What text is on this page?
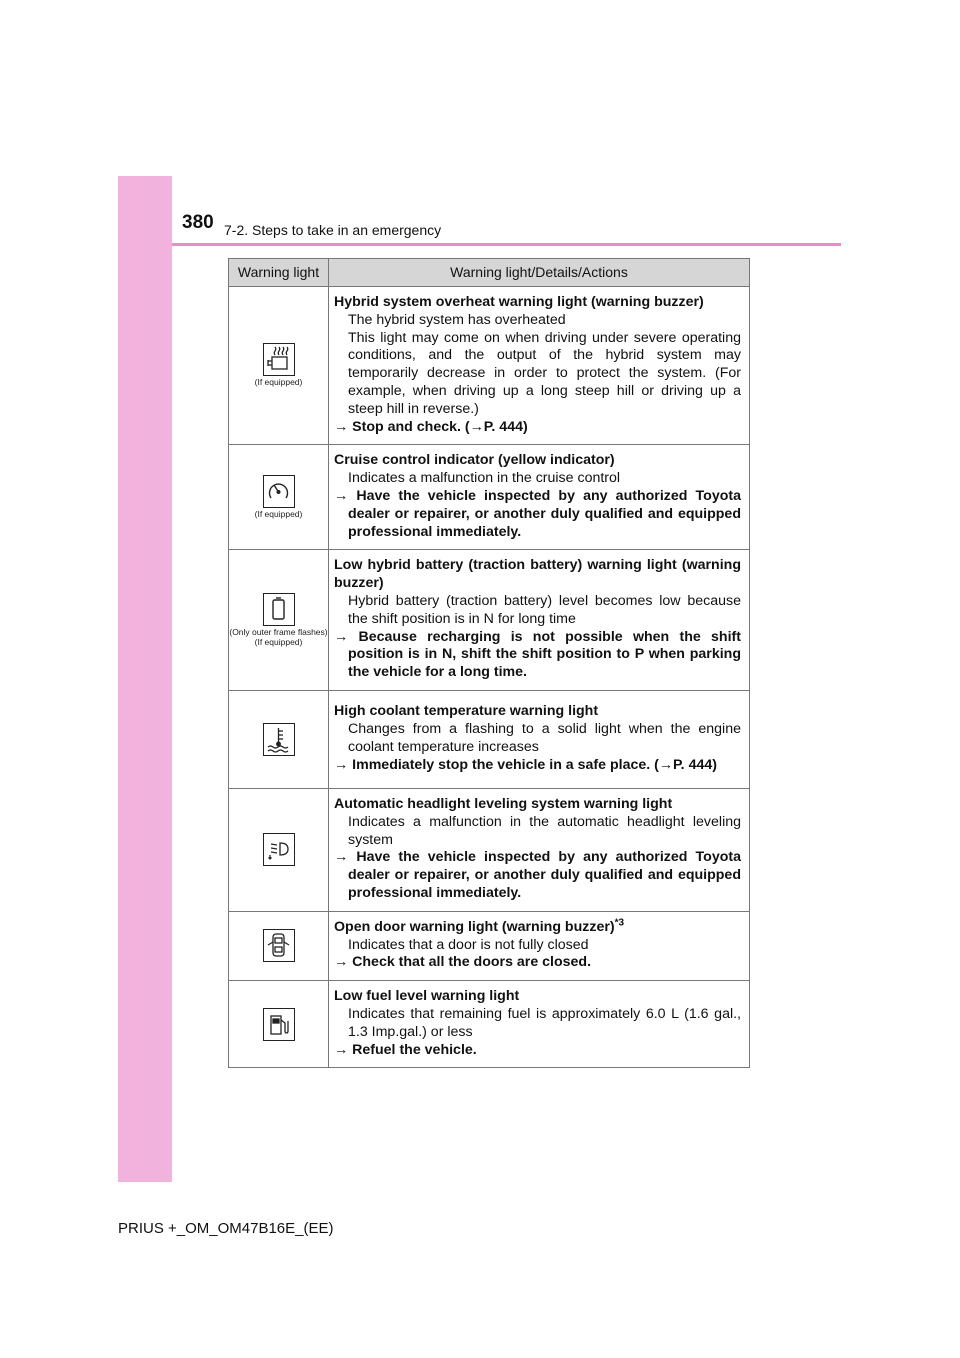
380 7-2. Steps to take in an emergency
Warning light	Warning light/Details/Actions

(If equipped)	Hybrid system overheat warning light (warning buzzer)
The hybrid system has overheated
This light may come on when driving under severe operating conditions, and the output of the hybrid system may temporarily decrease in order to protect the system. (For example, when driving up a long steep hill or driving up a steep hill in reverse.)
→ Stop and check. (→P. 444)

(If equipped)	Cruise control indicator (yellow indicator)
Indicates a malfunction in the cruise control
→ Have the vehicle inspected by any authorized Toyota dealer or repairer, or another duly qualified and equipped professional immediately.

(Only outer frame flashes)
(If equipped)	Low hybrid battery (traction battery) warning light (warning buzzer)
Hybrid battery (traction battery) level becomes low because the shift position is in N for long time
→ Because recharging is not possible when the shift position is in N, shift the shift position to P when parking the vehicle for a long time.

High coolant temperature warning light
Changes from a flashing to a solid light when the engine coolant temperature increases
→ Immediately stop the vehicle in a safe place. (→P. 444)

Automatic headlight leveling system warning light
Indicates a malfunction in the automatic headlight leveling system
→ Have the vehicle inspected by any authorized Toyota dealer or repairer, or another duly qualified and equipped professional immediately.

Open door warning light (warning buzzer)$^{*3}$
Indicates that a door is not fully closed
→ Check that all the doors are closed.

Low fuel level warning light
Indicates that remaining fuel is approximately 6.0 L (1.6 gal., 1.3 Imp.gal.) or less
→ Refuel the vehicle.
PRIUS +_OM_OM47B16E_(EE)
